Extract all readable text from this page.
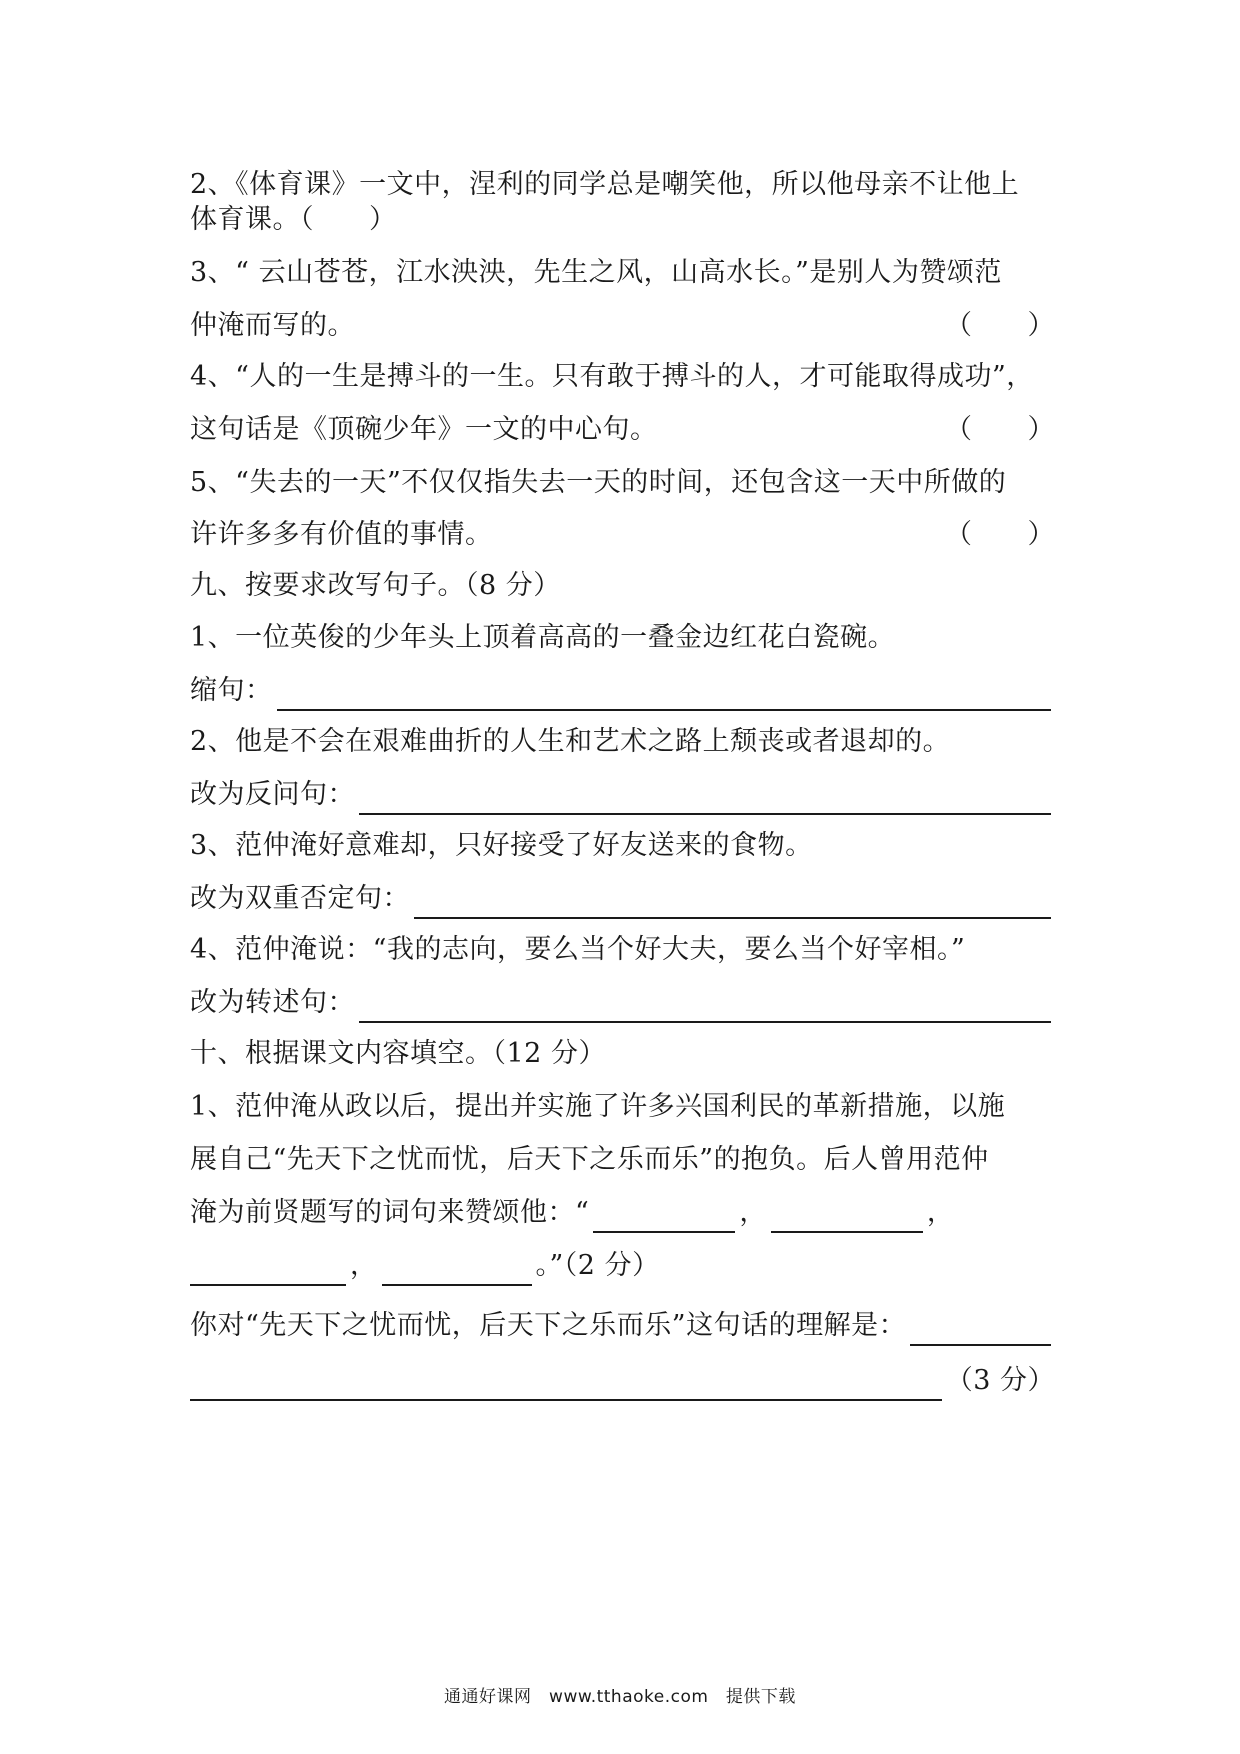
2、《体育课》一文中，涅利的同学总是嘲笑他，所以他母亲不让他上
体育课。（　　）
3、“ 云山苍苍，江水泱泱，先生之风，山高水长。”是别人为赞颂范
仲淹而写的。	（　　）
4、“人的一生是搏斗的一生。只有敢于搏斗的人，才可能取得成功”，
这句话是《顶碗少年》一文的中心句。	（　　）
5、“失去的一天”不仅仅指失去一天的时间，还包含这一天中所做的
许许多多有价值的事情。	（　　）
九、按要求改写句子。（8 分）
1、一位英俊的少年头上顶着高高的一叠金边红花白瓷碗。
缩句：
2、他是不会在艰难曲折的人生和艺术之路上颓丧或者退却的。
改为反问句：
3、范仲淹好意难却，只好接受了好友送来的食物。
改为双重否定句：
4、范仲淹说：“我的志向，要么当个好大夫，要么当个好宰相。”
改为转述句：
十、根据课文内容填空。（12 分）
1、范仲淹从政以后，提出并实施了许多兴国利民的革新措施，以施
展自己“先天下之忧而忧，后天下之乐而乐”的抱负。后人曾用范仲
淹为前贤题写的词句来赞颂他：“	，	，
，	。”（2 分）
你对“先天下之忧而忧，后天下之乐而乐”这句话的理解是：
（3 分）
通通好课网　www.tthaoke.com　提供下载
